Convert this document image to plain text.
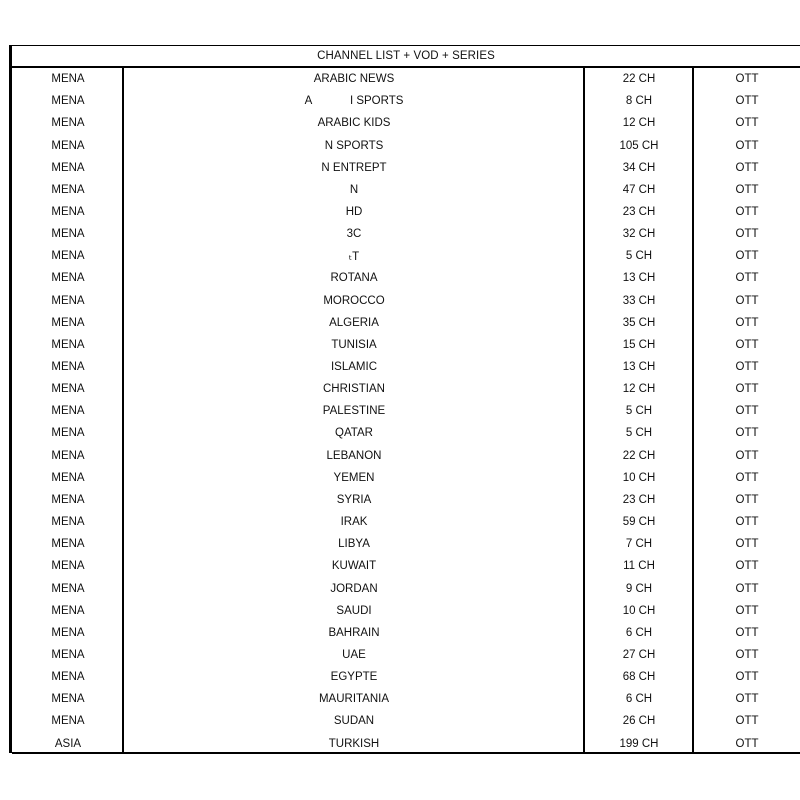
CHANNEL LIST + VOD + SERIES
MENA	ARABIC NEWS	22 CH	OTT
MENA	A            I SPORTS	8 CH	OTT
MENA	ARABIC KIDS	12 CH	OTT
MENA	N SPORTS	105 CH	OTT
MENA	N ENTREPT	34 CH	OTT
MENA	N	47 CH	OTT
MENA	HD	23 CH	OTT
MENA	3C	32 CH	OTT
MENA	ₜT	5 CH	OTT
MENA	ROTANA	13 CH	OTT
MENA	MOROCCO	33 CH	OTT
MENA	ALGERIA	35 CH	OTT
MENA	TUNISIA	15 CH	OTT
MENA	ISLAMIC	13 CH	OTT
MENA	CHRISTIAN	12 CH	OTT
MENA	PALESTINE	5 CH	OTT
MENA	QATAR	5 CH	OTT
MENA	LEBANON	22 CH	OTT
MENA	YEMEN	10 CH	OTT
MENA	SYRIA	23 CH	OTT
MENA	IRAK	59 CH	OTT
MENA	LIBYA	7 CH	OTT
MENA	KUWAIT	11 CH	OTT
MENA	JORDAN	9 CH	OTT
MENA	SAUDI	10 CH	OTT
MENA	BAHRAIN	6 CH	OTT
MENA	UAE	27 CH	OTT
MENA	EGYPTE	68 CH	OTT
MENA	MAURITANIA	6 CH	OTT
MENA	SUDAN	26 CH	OTT
ASIA	TURKISH	199 CH	OTT
